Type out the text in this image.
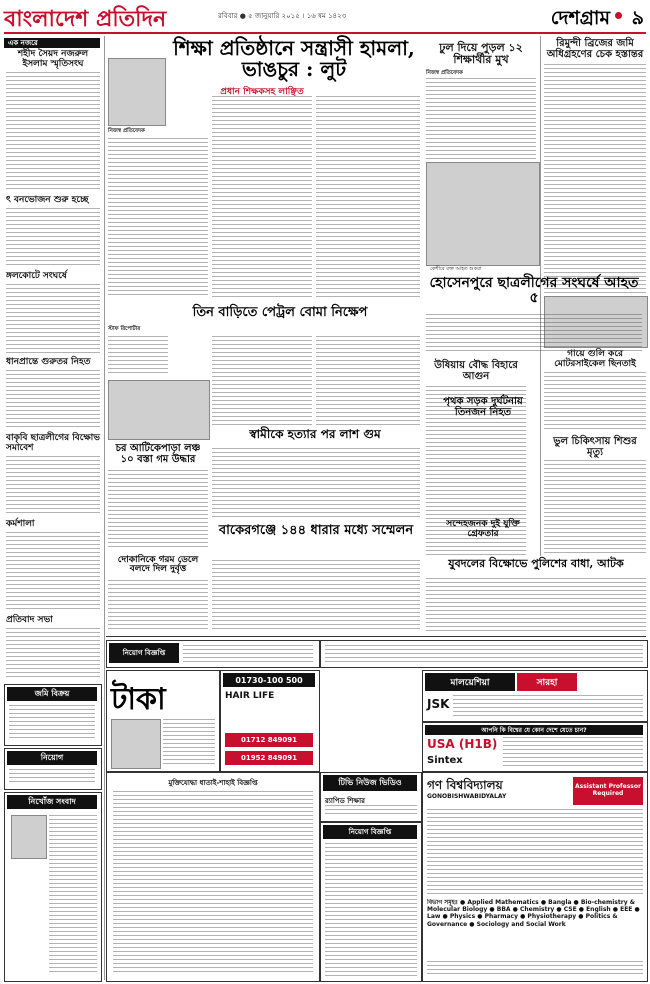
বাংলাদেশ প্রতিদিন	রবিবার ● ৫ জানুয়ারি ২০১৫ । ১৬ ষম ১৪২৩	দেশগ্রাম ৯
এক নজরে
শহীদ সৈয়দ নজরুল ইসলাম স্মৃতিসংঘ
ৎ বনভোজন শুরু হচ্ছে
ঙ্গলকোটে সংঘর্ষে
ধানপ্রান্তে গুরুতর নিহত
বাকৃবি ছাত্রলীগের বিক্ষোভ সমাবেশ
কর্মশালা
প্রতিবাদ সভা
জমি বিক্রয়
নিয়োগ
নিখোঁজ সংবাদ
শিক্ষা প্রতিষ্ঠানে সন্ত্রাসী হামলা, ভাঙচুর : লুট
নিজস্ব প্রতিবেদক
প্রধান শিক্ষকসহ লাঞ্ছিত
ঢুল দিয়ে পুড়ল ১২ শিক্ষার্থীর মুখ
নিজস্ব প্রতিবেদক
রিমুন্দী ব্রিজের জমি অধিগ্রহণের চেক হস্তান্তর
গায়ে গুলি করে মোটরসাইকেল ছিনতাই
ভুল চিকিৎসায় শিশুর মৃত্যু
কেশীরে রক্ত আহত শুকরা
হোসেনপুরে ছাত্রলীগের সংঘর্ষে আহত ৫
তিন বাড়িতে পেট্রল বোমা নিক্ষেপ
স্টাফ রিপোর্টার
উষিয়ায় বৌদ্ধ বিহারে আগুন
স্বামীকে হত্যার পর লাশ গুম
চর আটিকেপাড়া লঞ্চ ১০ বস্তা গম উদ্ধার
দোকানিকে গরম ডেলে বলদে দিল দুর্বৃত্ত
বাকেরগঞ্জে ১৪৪ ধারার মধ্যে সম্মেলন
যুবদলের বিক্ষোভে পুলিশের বাধা, আটক
নিয়োগ বিজ্ঞপ্তি
টাকা
01730-100 500
HAIR LIFE
01712 849091
01952 849091
মালয়েশিয়া	সারহা
JSK
আপনি কি বিশ্বের যে কোন দেশে যেতে চান?
USA (H1B)
Sintex
মুক্তিযোদ্ধা ধাতাই-শাহাই বিজ্ঞপ্তি	টিভি নিউজ ভিডিও
র‍্যাপিড শিক্ষার
নিয়োগ বিজ্ঞপ্তি
গণ বিশ্ববিদ্যালয়
GONOBISHWABIDYALAY
Assistant Professor Required
বিভাগ সমূহঃ ● Applied Mathematics ● Bangla ● Bio-chemistry & Molecular Biology ● BBA ● Chemistry ● CSE ● English ● EEE ● Law ● Physics ● Pharmacy ● Physiotherapy ● Politics & Governance ● Sociology and Social Work
পৃথক সড়ক দুর্ঘটনায় তিনজন নিহত
সন্দেহজনক দুই যুক্তি গ্রেফতার
